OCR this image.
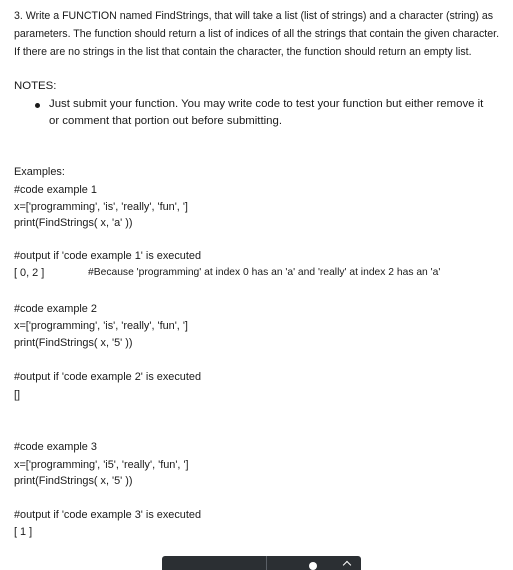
3. Write a FUNCTION named FindStrings, that will take a list (list of strings) and a character (string) as
parameters. The function should return a list of indices of all the strings that contain the given character.
If there are no strings in the list that contain the character, the function should return an empty list.
NOTES:
Just submit your function. You may write code to test your function but either remove it
or comment that portion out before submitting.
Examples:
#code example 1
x=['programming', 'is', 'really', 'fun', ']
print(FindStrings( x, 'a' ))
#output if 'code example 1' is executed
[ 0, 2 ]	#Because 'programming' at index 0 has an 'a' and 'really' at index 2 has an 'a'
#code example 2
x=['programming', 'is', 'really', 'fun', ']
print(FindStrings( x, '5' ))
#output if 'code example 2' is executed
[]
#code example 3
x=['programming', 'i5', 'really', 'fun', ']
print(FindStrings( x, '5' ))
#output if 'code example 3' is executed
[ 1 ]
